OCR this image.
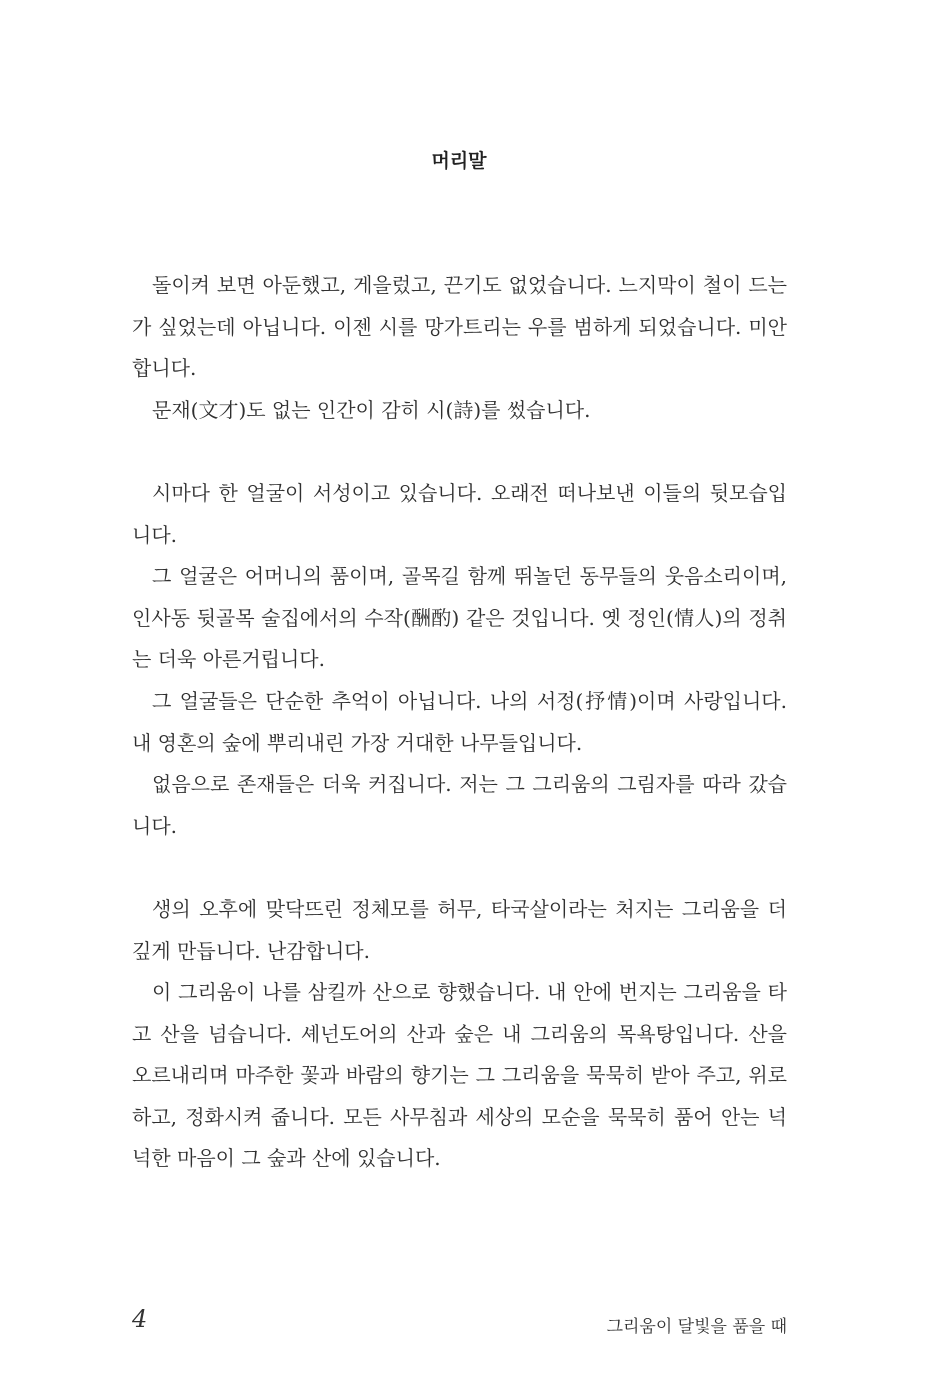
머리말

돌이켜 보면 아둔했고, 게을렀고, 끈기도 없었습니다. 느지막이 철이 드는가 싶었는데 아닙니다. 이젠 시를 망가트리는 우를 범하게 되었습니다. 미안합니다.

문재(文才)도 없는 인간이 감히 시(詩)를 썼습니다.

시마다 한 얼굴이 서성이고 있습니다. 오래전 떠나보낸 이들의 뒷모습입니다.

그 얼굴은 어머니의 품이며, 골목길 함께 뛰놀던 동무들의 웃음소리이며, 인사동 뒷골목 술집에서의 수작(酬酌) 같은 것입니다. 옛 정인(情人)의 정취는 더욱 아른거립니다.

그 얼굴들은 단순한 추억이 아닙니다. 나의 서정(抒情)이며 사랑입니다. 내 영혼의 숲에 뿌리내린 가장 거대한 나무들입니다.

없음으로 존재들은 더욱 커집니다. 저는 그 그리움의 그림자를 따라 갔습니다.

생의 오후에 맞닥뜨린 정체모를 허무, 타국살이라는 처지는 그리움을 더 깊게 만듭니다. 난감합니다.

이 그리움이 나를 삼킬까 산으로 향했습니다. 내 안에 번지는 그리움을 타고 산을 넘습니다. 셰넌도어의 산과 숲은 내 그리움의 목욕탕입니다. 산을 오르내리며 마주한 꽃과 바람의 향기는 그 그리움을 묵묵히 받아 주고, 위로하고, 정화시켜 줍니다. 모든 사무침과 세상의 모순을 묵묵히 품어 안는 넉넉한 마음이 그 숲과 산에 있습니다.

4	그리움이 달빛을 품을 때
